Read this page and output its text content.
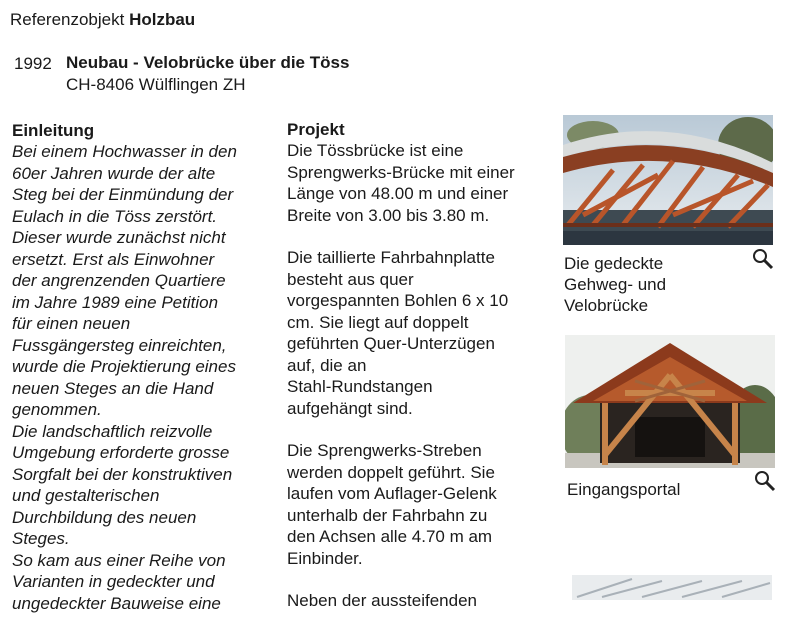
Referenzobjekt Holzbau
1992 Neubau - Velobrücke über die Töss
CH-8406 Wülflingen ZH
Einleitung
Bei einem Hochwasser in den
60er Jahren wurde der alte
Steg bei der Einmündung der
Eulach in die Töss zerstört.
Dieser wurde zunächst nicht
ersetzt. Erst als Einwohner
der angrenzenden Quartiere
im Jahre 1989 eine Petition
für einen neuen
Fussgängersteg einreichten,
wurde die Projektierung eines
neuen Steges an die Hand
genommen.
Die landschaftlich reizvolle
Umgebung erforderte grosse
Sorgfalt bei der konstruktiven
und gestalterischen
Durchbildung des neuen
Steges.
So kam aus einer Reihe von
Varianten in gedeckter und
ungedeckter Bauweise eine
Projekt

Die Tössbrücke ist eine
Sprengwerks-Brücke mit einer
Länge von 48.00 m und einer
Breite von 3.00 bis 3.80 m.

Die taillierte Fahrbahnplatte
besteht aus quer
vorgespannten Bohlen 6 x 10
cm. Sie liegt auf doppelt
geführten Quer-Unterzügen
auf, die an
Stahl-Rundstangen
aufgehängt sind.

Die Sprengwerks-Streben
werden doppelt geführt. Sie
laufen vom Auflager-Gelenk
unterhalb der Fahrbahn zu
den Achsen alle 4.70 m am
Einbinder.

Neben der aussteifenden

Die gedeckte
Gehweg- und
Velobrücke
Eingangsportal
